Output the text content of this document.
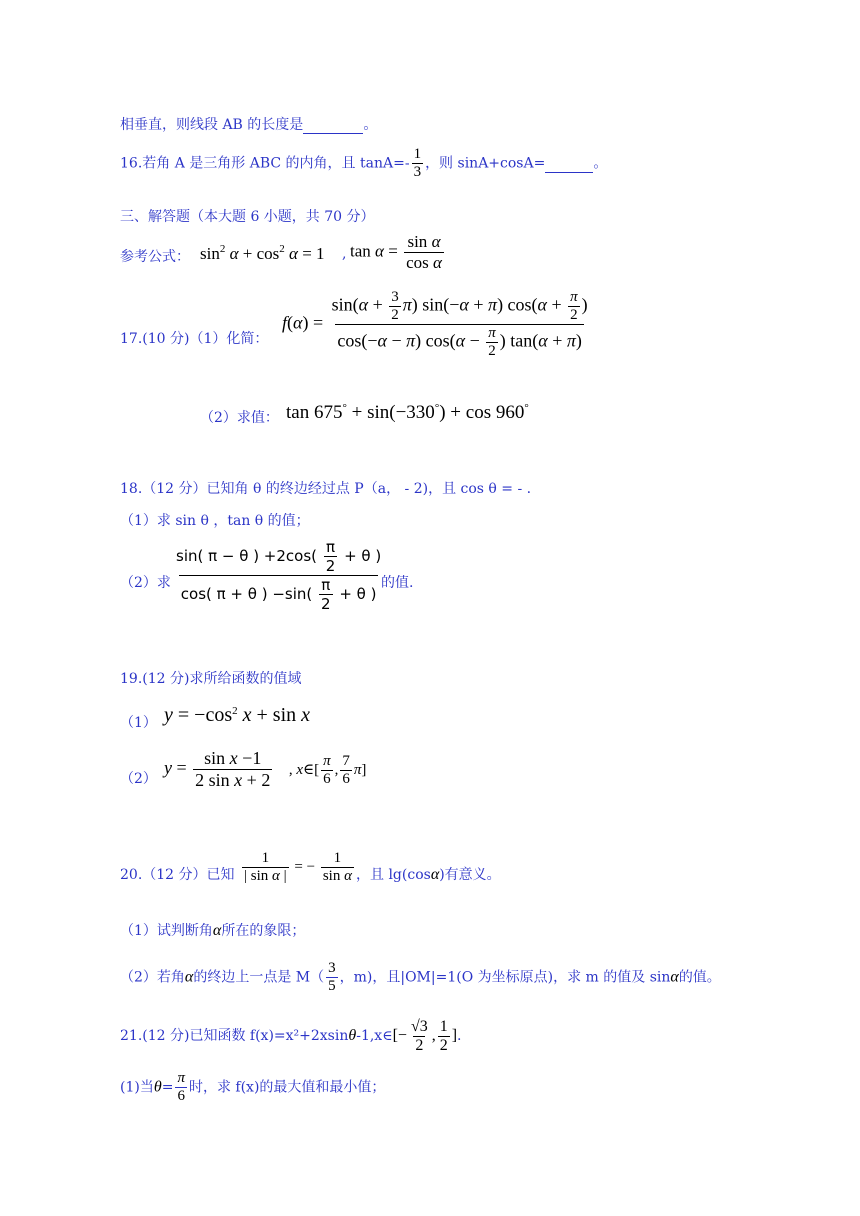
相垂直，则线段 AB 的长度是	。
16.若角 A 是三角形 ABC 的内角，且 $\tan A=- \frac{1}{3}$ ，则 sinA+cosA=	。
三、解答题（本大题 6 小题，共 70 分）
参考公式： $\sin^2 \alpha + \cos^2 \alpha = 1$ , $\tan \alpha = \frac{\text{sin α}}{\text{cos α}}$
17.(10 分)（1）化简：
$f(\alpha) = \frac{\sin(\alpha + \frac{3}{2} \pi) \sin(-\alpha + \pi) \cos(\alpha + \frac{\pi}{2} )}{\cos(-\alpha - \pi) \cos(\alpha - \frac{\pi}{2} ) \tan(\alpha + \pi)}$
（2）求值： tan 675° + sin(−330°) + cos 960°
18.（12 分）已知角 θ 的终边经过点 P（a， - 2)，且 cos θ = - .
（1）求 sin θ ，tan θ 的值；
（2）求 $\frac{\sin( \pi - \theta ) +2\cos( \frac{\pi}{2} + \theta )}{\cos( \pi + \theta ) -\sin( \frac{\pi}{2} + \theta )}$
的值.
19.(12 分)求所给函数的值域
（1） $y = -\cos^2$ x + sin x
（2）
$y = \frac{\text{sin x −1}}{\text{2 sin x + 2}}$ , x∈[ $\frac{\pi}{6}$ , $\frac{7}{6} \pi$]
20.（12 分）已知 $\frac{1}{\text{| sin α |}}$ = − $\frac{1}{\text{sin α}}$ ，且 lg(cosα)有意义。
（1）试判断角α所在的象限；
（2）若角α的终边上一点是 $M( \frac{3}{5}$ ，m)，且|OM|=1(O 为坐标原点)，求 m 的值及 sinα的值。
21.(12 分)已知函数 f(x)=x²+2xsinθ-1,x∈[− $\frac{√3}{2}$ , $\frac{1}{2}$ ].
(1)当$\theta= \frac{\pi}{6}$ 时，求 f(x)的最大值和最小值；
